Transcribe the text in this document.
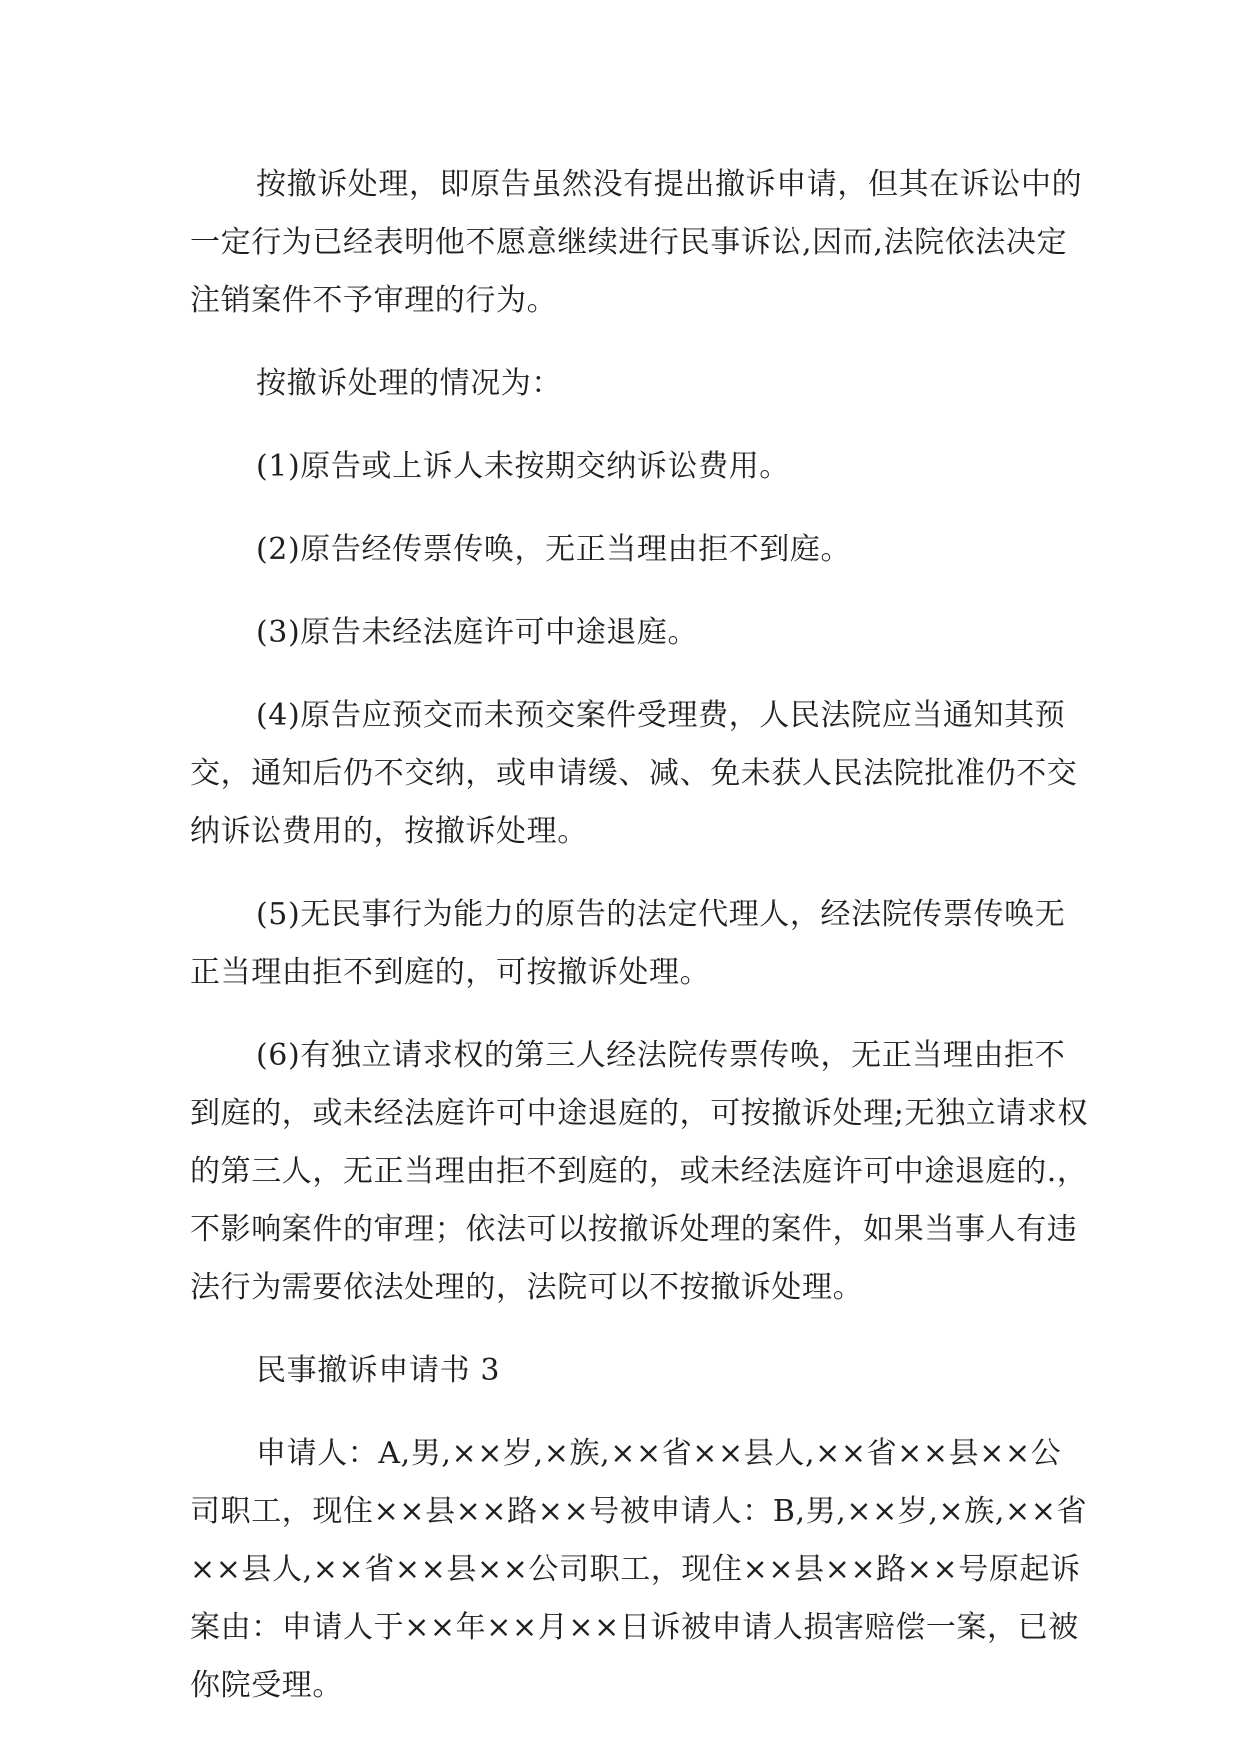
按撤诉处理，即原告虽然没有提出撤诉申请，但其在诉讼中的一定行为已经表明他不愿意继续进行民事诉讼,因而,法院依法决定注销案件不予审理的行为。

按撤诉处理的情况为：

(1)原告或上诉人未按期交纳诉讼费用。

(2)原告经传票传唤，无正当理由拒不到庭。

(3)原告未经法庭许可中途退庭。

(4)原告应预交而未预交案件受理费，人民法院应当通知其预交，通知后仍不交纳，或申请缓、减、免未获人民法院批准仍不交纳诉讼费用的，按撤诉处理。

(5)无民事行为能力的原告的法定代理人，经法院传票传唤无正当理由拒不到庭的，可按撤诉处理。

(6)有独立请求权的第三人经法院传票传唤，无正当理由拒不到庭的，或未经法庭许可中途退庭的，可按撤诉处理;无独立请求权的第三人，无正当理由拒不到庭的，或未经法庭许可中途退庭的.，不影响案件的审理；依法可以按撤诉处理的案件，如果当事人有违法行为需要依法处理的，法院可以不按撤诉处理。

民事撤诉申请书 3

申请人：A,男,××岁,×族,××省××县人,××省××县××公司职工，现住××县××路××号被申请人：B,男,××岁,×族,××省××县人,××省××县××公司职工，现住××县××路××号原起诉案由：申请人于××年××月××日诉被申请人损害赔偿一案，已被你院受理。
